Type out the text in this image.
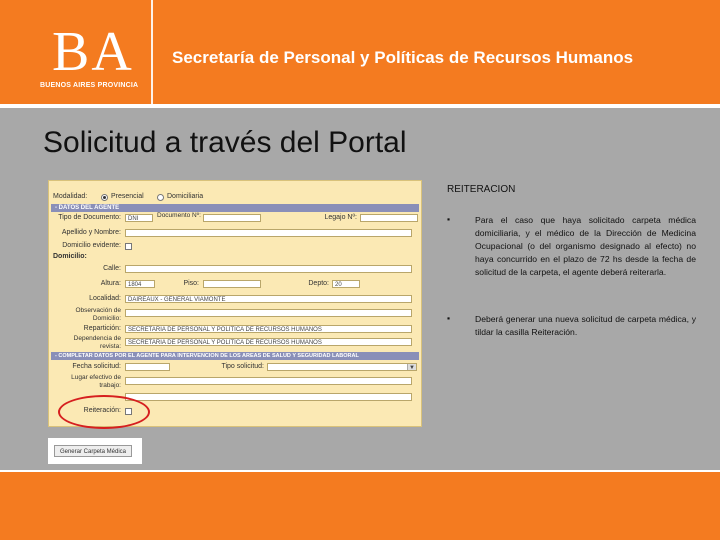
BA
BUENOS AIRES PROVINCIA
Secretaría de Personal y Políticas de Recursos Humanos
Solicitud a través del Portal
Modalidad:	Presencial	Domiciliaria
- DATOS DEL AGENTE
Tipo de Documento:	DNI	Documento Nº:	Legajo Nº:
Apellido y Nombre:
Domicilio evidente:
Domicilio:
Calle:
Altura:	1804	Piso:	Depto:	20
Localidad:	DAIREAUX - GENERAL VIAMONTE
Observación de Domicilio:
Repartición:	SECRETARIA DE PERSONAL Y POLITICA DE RECURSOS HUMANOS
Dependencia de revista:	SECRETARIA DE PERSONAL Y POLITICA DE RECURSOS HUMANOS
- COMPLETAR DATOS POR EL AGENTE PARA INTERVENCION DE LOS AREAS DE SALUD Y SEGURIDAD LABORAL
Fecha solicitud:	Tipo solicitud:	▼
Lugar efectivo de trabajo:
Reiteración:
Generar Carpeta Médica
REITERACION
▪	Para el caso que haya solicitado carpeta médica domiciliaria, y el médico de la Dirección de Medicina Ocupacional (o del organismo designado al efecto) no haya concurrido en el plazo de 72 hs desde la fecha de solicitud de la carpeta, el agente deberá reiterarla.
▪	Deberá generar una nueva solicitud de carpeta médica, y tildar la casilla Reiteración.
